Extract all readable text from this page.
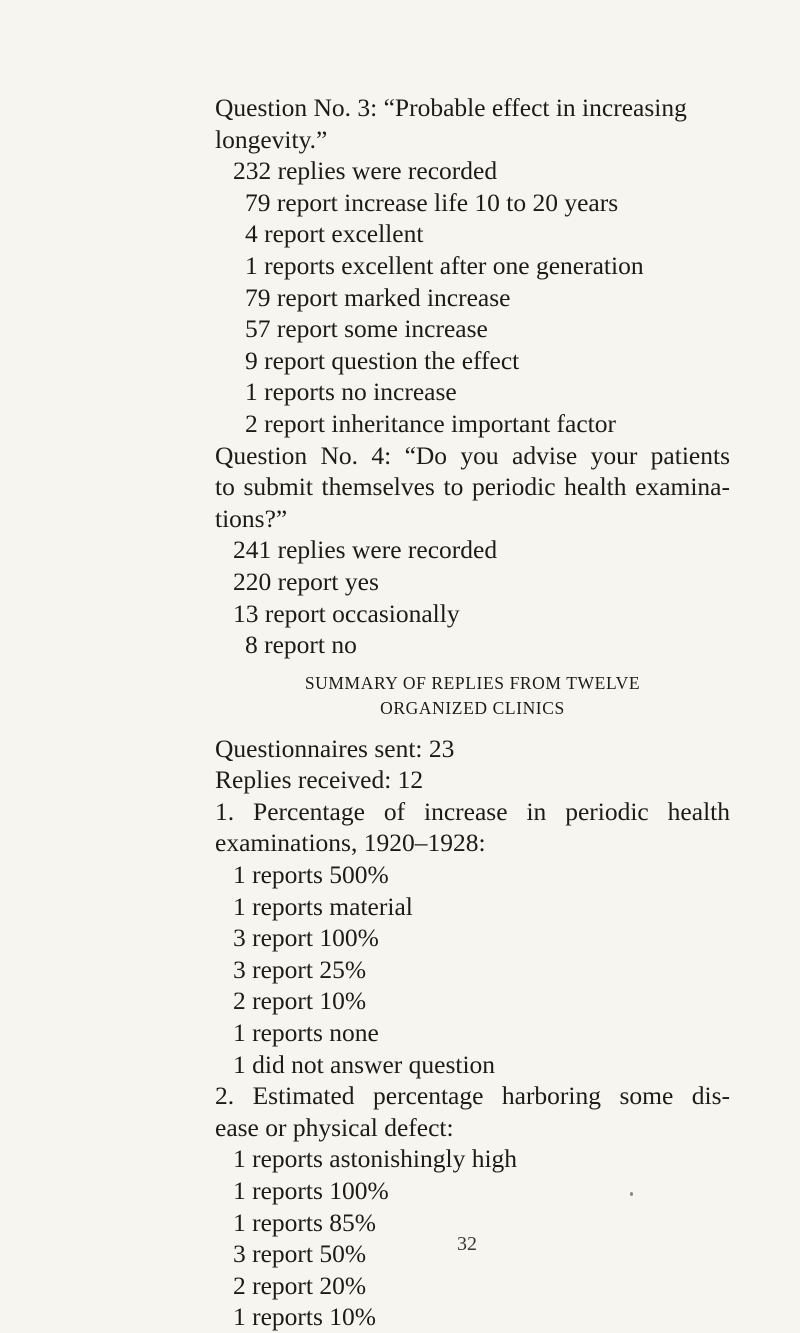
Question No. 3: “Probable effect in increasing
longevity.”
232 replies were recorded
79 report increase life 10 to 20 years
4 report excellent
1 reports excellent after one generation
79 report marked increase
57 report some increase
9 report question the effect
1 reports no increase
2 report inheritance important factor
Question No. 4: “Do you advise your patients
to submit themselves to periodic health examina-
tions?”
241 replies were recorded
220 report yes
13 report occasionally
8 report no
SUMMARY OF REPLIES FROM TWELVE
ORGANIZED CLINICS
Questionnaires sent: 23
Replies received: 12
1. Percentage of increase in periodic health
examinations, 1920–1928:
1 reports 500%
1 reports material
3 report 100%
3 report 25%
2 report 10%
1 reports none
1 did not answer question
2. Estimated percentage harboring some dis-
ease or physical defect:
1 reports astonishingly high
1 reports 100%
1 reports 85%
3 report 50%
2 report 20%
1 reports 10%
32
